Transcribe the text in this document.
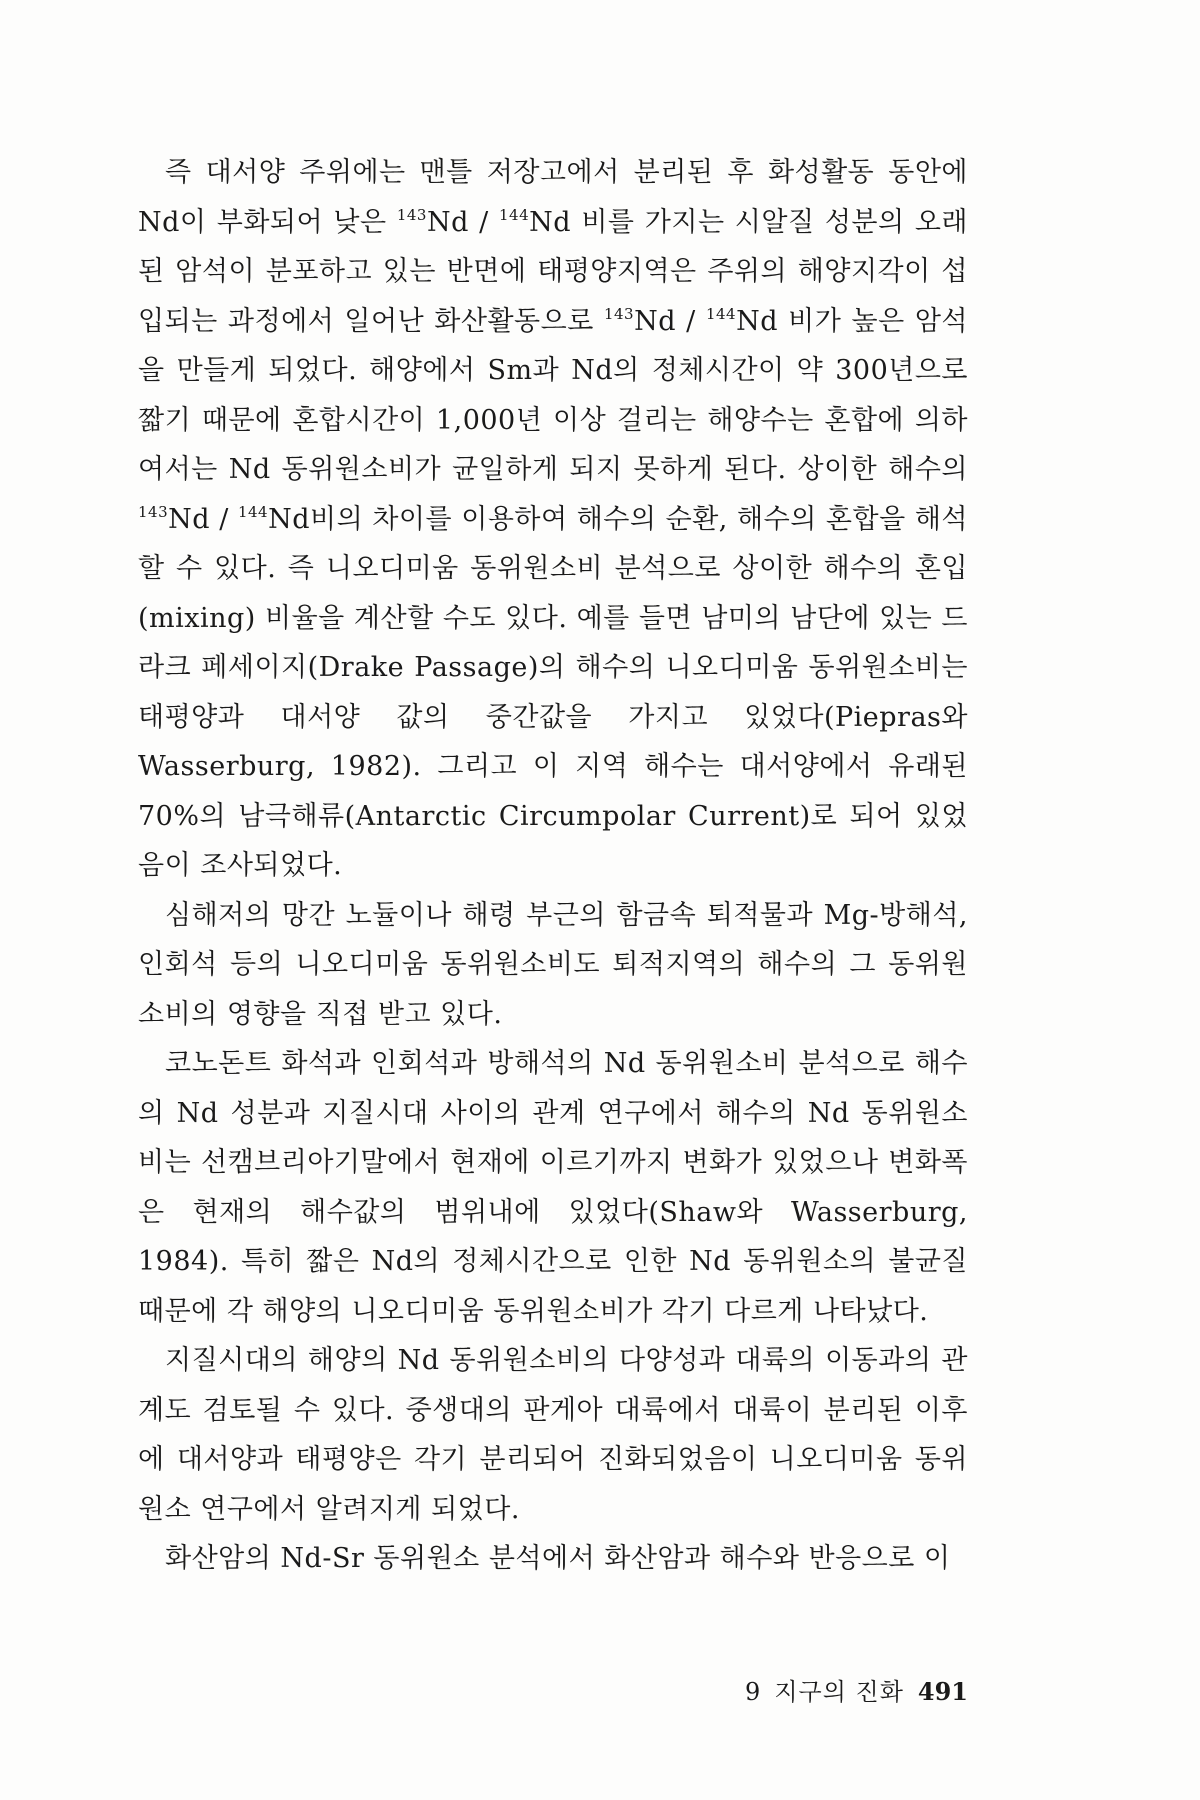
즉 대서양 주위에는 맨틀 저장고에서 분리된 후 화성활동 동안에 Nd이 부화되어 낮은 $^{143}$Nd / $^{144}$Nd 비를 가지는 시알질 성분의 오래된 암석이 분포하고 있는 반면에 태평양지역은 주위의 해양지각이 섭입되는 과정에서 일어난 화산활동으로 $^{143}$Nd / $^{144}$Nd 비가 높은 암석을 만들게 되었다. 해양에서 Sm과 Nd의 정체시간이 약 300년으로 짧기 때문에 혼합시간이 1,000년 이상 걸리는 해양수는 혼합에 의하여서는 Nd 동위원소비가 균일하게 되지 못하게 된다. 상이한 해수의 $^{143}$Nd / $^{144}$Nd비의 차이를 이용하여 해수의 순환, 해수의 혼합을 해석할 수 있다. 즉 니오디미움 동위원소비 분석으로 상이한 해수의 혼입(mixing) 비율을 계산할 수도 있다. 예를 들면 남미의 남단에 있는 드라크 페세이지(Drake Passage)의 해수의 니오디미움 동위원소비는 태평양과 대서양 값의 중간값을 가지고 있었다(Piepras와 Wasserburg, 1982). 그리고 이 지역 해수는 대서양에서 유래된 70%의 남극해류(Antarctic Circumpolar Current)로 되어 있었음이 조사되었다.

심해저의 망간 노듈이나 해령 부근의 함금속 퇴적물과 Mg-방해석, 인회석 등의 니오디미움 동위원소비도 퇴적지역의 해수의 그 동위원소비의 영향을 직접 받고 있다.

코노돈트 화석과 인회석과 방해석의 Nd 동위원소비 분석으로 해수의 Nd 성분과 지질시대 사이의 관계 연구에서 해수의 Nd 동위원소비는 선캠브리아기말에서 현재에 이르기까지 변화가 있었으나 변화폭은 현재의 해수값의 범위내에 있었다(Shaw와 Wasserburg, 1984). 특히 짧은 Nd의 정체시간으로 인한 Nd 동위원소의 불균질 때문에 각 해양의 니오디미움 동위원소비가 각기 다르게 나타났다.

지질시대의 해양의 Nd 동위원소비의 다양성과 대륙의 이동과의 관계도 검토될 수 있다. 중생대의 판게아 대륙에서 대륙이 분리된 이후에 대서양과 태평양은 각기 분리되어 진화되었음이 니오디미움 동위원소 연구에서 알려지게 되었다.

화산암의 Nd-Sr 동위원소 분석에서 화산암과 해수와 반응으로 이

9 지구의 진화 491
